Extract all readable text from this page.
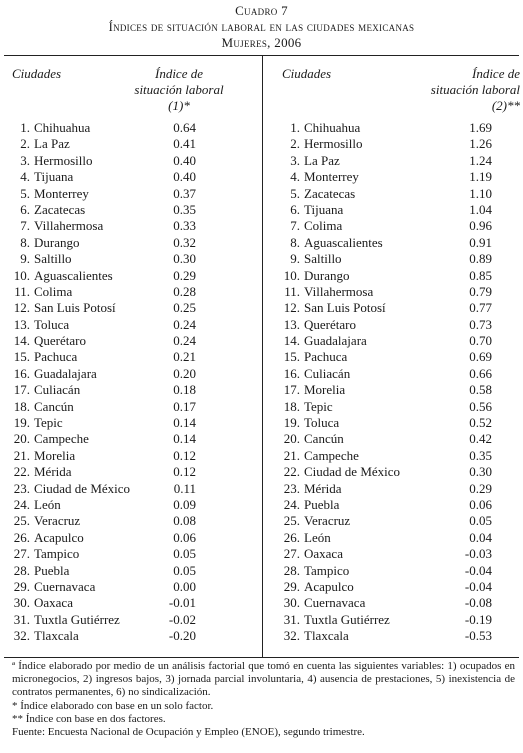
Cuadro 7
Índices de situación laboral en las ciudades mexicanas
Mujeres, 2006
Ciudades	Índice de
situación laboral
(1)*
1. Chihuahua	0.64
2. La Paz	0.41
3. Hermosillo	0.40
4. Tijuana	0.40
5. Monterrey	0.37
6. Zacatecas	0.35
7. Villahermosa	0.33
8. Durango	0.32
9. Saltillo	0.30
10. Aguascalientes	0.29
11. Colima	0.28
12. San Luis Potosí	0.25
13. Toluca	0.24
14. Querétaro	0.24
15. Pachuca	0.21
16. Guadalajara	0.20
17. Culiacán	0.18
18. Cancún	0.17
19. Tepic	0.14
20. Campeche	0.14
21. Morelia	0.12
22. Mérida	0.12
23. Ciudad de México	0.11
24. León	0.09
25. Veracruz	0.08
26. Acapulco	0.06
27. Tampico	0.05
28. Puebla	0.05
29. Cuernavaca	0.00
30. Oaxaca	-0.01
31. Tuxtla Gutiérrez	-0.02
32. Tlaxcala	-0.20
Ciudades	Índice de
situación laboral
(2)**
1. Chihuahua	1.69
2. Hermosillo	1.26
3. La Paz	1.24
4. Monterrey	1.19
5. Zacatecas	1.10
6. Tijuana	1.04
7. Colima	0.96
8. Aguascalientes	0.91
9. Saltillo	0.89
10. Durango	0.85
11. Villahermosa	0.79
12. San Luis Potosí	0.77
13. Querétaro	0.73
14. Guadalajara	0.70
15. Pachuca	0.69
16. Culiacán	0.66
17. Morelia	0.58
18. Tepic	0.56
19. Toluca	0.52
20. Cancún	0.42
21. Campeche	0.35
22. Ciudad de México	0.30
23. Mérida	0.29
24. Puebla	0.06
25. Veracruz	0.05
26. León	0.04
27. Oaxaca	-0.03
28. Tampico	-0.04
29. Acapulco	-0.04
30. Cuernavaca	-0.08
31. Tuxtla Gutiérrez	-0.19
32. Tlaxcala	-0.53

ª Índice elaborado por medio de un análisis factorial que tomó en cuenta las siguientes variables: 1) ocupados en micronegocios, 2) ingresos bajos, 3) jornada parcial involuntaria, 4) ausencia de prestaciones, 5) inexistencia de contratos permanentes, 6) no sindicalización.

* Índice elaborado con base en un solo factor.

** Índice con base en dos factores.

Fuente: Encuesta Nacional de Ocupación y Empleo (ENOE), segundo trimestre.
